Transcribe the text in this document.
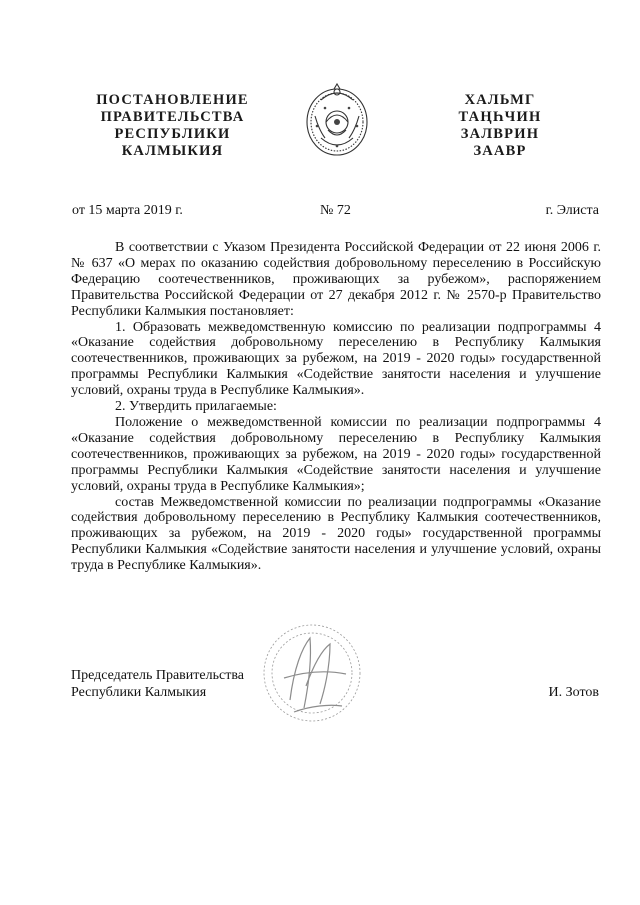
ПОСТАНОВЛЕНИЕ
ПРАВИТЕЛЬСТВА
РЕСПУБЛИКИ
КАЛМЫКИЯ
ХАЛЬМГ
ТАҢҺЧИН
ЗАЛВРИН
ЗААВР
от 15 марта 2019 г.	№ 72	г. Элиста

В соответствии с Указом Президента Российской Федерации от 22 июня 2006 г. № 637 «О мерах по оказанию содействия добровольному переселению в Российскую Федерацию соотечественников, проживающих за рубежом», распоряжением Правительства Российской Федерации от 27 декабря 2012 г. № 2570-р Правительство Республики Калмыкия постановляет:

1. Образовать межведомственную комиссию по реализации подпрограммы 4 «Оказание содействия добровольному переселению в Республику Калмыкия соотечественников, проживающих за рубежом, на 2019 - 2020 годы» государственной программы Республики Калмыкия «Содействие занятости населения и улучшение условий, охраны труда в Республике Калмыкия».

2. Утвердить прилагаемые:

Положение о межведомственной комиссии по реализации подпрограммы 4 «Оказание содействия добровольному переселению в Республику Калмыкия соотечественников, проживающих за рубежом, на 2019 - 2020 годы» государственной программы Республики Калмыкия «Содействие занятости населения и улучшение условий, охраны труда в Республике Калмыкия»;

состав Межведомственной комиссии по реализации подпрограммы «Оказание содействия добровольному переселению в Республику Калмыкия соотечественников, проживающих за рубежом, на 2019 - 2020 годы» государственной программы Республики Калмыкия «Содействие занятости населения и улучшение условий, охраны труда в Республике Калмыкия».

Председатель Правительства
Республики Калмыкия	И. Зотов
